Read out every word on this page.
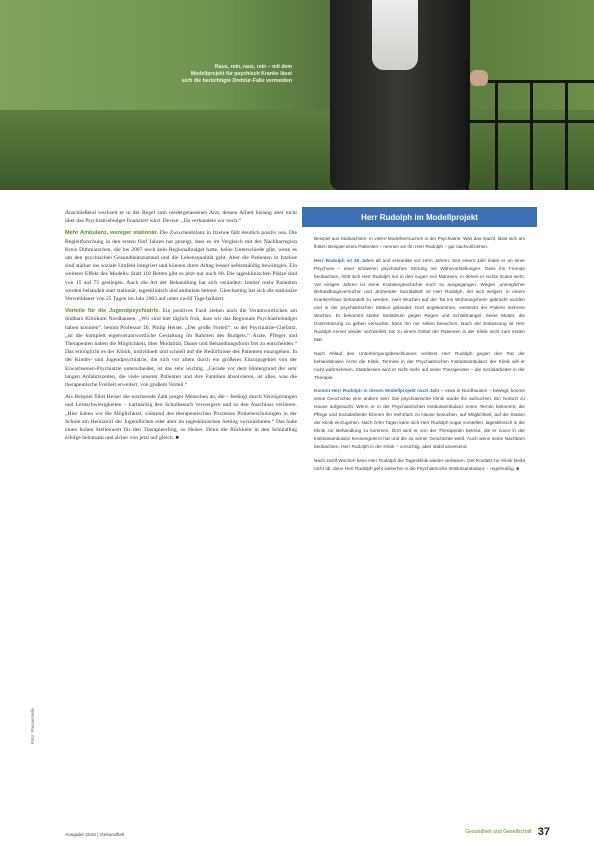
Raus, rein, raus, rein – mit dem Modellprojekt für psychisch Kranke lässt sich die berüchtigte Drehtür-Falle vermeiden

Anschließend wechselt er in der Regel zum niedergelassenen Arzt, dessen Arbeit bislang aber nicht über das Psychiatriebudget finanziert wird. Devise: „Da verhandele wir noch.“

Mehr Ambulanz, weniger stationär. Die Zwischenbilanz in Itzehoe fällt deutlich positiv aus. Die Begleitforschung in den ersten fünf Jahren hat gezeigt, dass es im Vergleich mit der Nachbarregion Kreis Dithmarschen, die bis 2007 noch kein Regionalbudget hatte, keine Unterschiede gibt, wenn es um den psychischen Gesundheitszustand und die Lebensqualität geht. Aber die Patienten in Itzehoe sind stärker ins soziale Umfeld integriert und können ihren Alltag besser selbstständig bewältigen. Ein weiterer Effekt des Modells: Statt 118 Betten gibt es jetzt nur noch 60. Die tagesklinischen Plätze sind von 15 auf 75 gestiegen. Auch die Art der Behandlung hat sich verändert: Immer mehr Patienten werden behandelt statt stationär, tagesklinisch und ambulant betreut. Gleichzeitig hat sich die stationäre Verweildauer von 25 Tagen im Jahr 2003 auf unter zwölf Tage halbiert.

Vorteile für die Jugendpsychiatrie. Ein positives Fazit ziehen auch die Verantwortlichen am Südharz Klinikum Nordhausen. „Wir sind hier täglich froh, dass wir das Regionale Psychiatriebudget haben konnten“, betont Professor Dr. Philip Heiser. „Der große Vorteil“, so der Psychiatrie-Chefarzt, „ist die komplett eigenverantwortliche Gestaltung im Rahmen des Budgets.“ Ärzte, Pfleger und Therapeuten haben die Möglichkeit, über Modalität, Dauer und Behandlungsform frei zu entscheiden.“ Das ermöglicht es der Klinik, individuell und schnell auf die Bedürfnisse des Patienten einzugehen. In der Kinder- und Jugendpsychiatrie, die sich vor allem durch ein größeres Einzugsgebiet von der Erwachsenen-Psychiatrie unterscheidet, ist das sehr wichtig. „Gerade vor dem Hintergrund der sehr langen Anfahrtszeiten, die viele unserer Patienten und ihre Familien absolvieren, ist alles, was die therapeutische Freiheit erweitert, von großem Vorteil.“

Als Beispiel führt Heiser die wachsende Zahl junger Menschen an, die – bedingt durch Verzögerungen und Lernschwierigkeiten – hartnäckig den Schulbesuch verweigern und so den Anschluss verlieren. „Hier haben wir die Möglichkeit, während des therapeutischen Prozesses Probebeschulungen in der Schule am Heimatort der Jugendlichen oder aber im tagesklinischen Setting vorzunehmen.“ Das habe einen hohen Stellenwert für den Therapieerfolg, so Heiser. Denn die Rückkehr in den Schulalltag erfolge behutsam und sicher von jetzt auf gleich. ■

Herr Rudolph im Modellprojekt

Beispiel aus Südsachsen: In vielen Modellversuchen in der Psychiatrie: Was das macht, lässt sich am flotten Beispiel eines Patienten – nennen wir ihn Herr Rudolph – gut nachvollziehen.

Herr Rudolph ist 45 Jahre alt und erkrankte vor zehn Jahren. Seit einem Jahr leidet er an einer Psychose – einer schweren psychischen Störung mit Wahnvorstellungen. Dass ihn Fremde beobachten, fühlt sich Herr Rudolph nur in den Augen von Männern, in denen er nichts Gutes sieht. Vor einigen Jahren ist seine Krankengeschichte noch so ausgegangen: Wegen ‚unmöglicher Behandlungsversuche‘ und ‚drohender Suizidalität‘ ist Herr Rudolph, der sich weigert, in einem Krankenhaus behandelt zu werden, zwei Wochen auf der Tat ins Wohnungsheim gebracht worden und in der psychiatrischen Station gelandet. Dort angekommen, versteckt der Patient mehrere Wochen. Er bekommt starke Sedativum gegen Regen und Schlafmangel. Seine Mutter, die Unterstützung zu geben versuchte, kann ihn nur selten besuchen. Nach der Entlassung ist Herr Rudolph immer wieder verzweifelt; bis zu einem Drittel der Patienten in der Klinik nicht zum ersten Mal.

Nach Ablauf des Unterbringungsbeschlusses verlässt Herr Rudolph gegen den Rat der behandelnden Ärzte die Klinik. Termine in der Psychiatrischen Institutsambulanz der Klinik will er nicht wahrnehmen. Stattdessen wird er nicht mehr auf seine Therapeuten – die Sozialarbeiter in der Therapie.

Kommt Herr Rudolph in dieses Modellprojekt nach Jahr – etwa in Nordhausen – bewegt, könnte seine Geschichte eine andere sein: Die psychiatrische Klinik wurde ihn aufsuchen. Ein Notarzt zu Hause aufgesucht. Wenn er in der Psychiatrischen Institutsambulanz einen Termin bekommt, die Pflege und Sozialarbeiter können ihn mehrfach zu Hause besuchen, auf Möglichkeit, auf die Station der Klinik einzugehen. Nach zehn Tagen kann sich Herr Rudolph sogar vorstellen, tagesklinisch in die Klinik zur Behandlung zu kommen. Dort wird er von der Therapeutin betreut, die er zuvor in der Institutsambulanz kennengelernt hat und die zu seiner Geschichte weiß. Auch wenn seine Nachbarn beobachten, Herr Rudolph in der Klinik – vorsichtig, aber stabil anwesend.

Nach zwölf Wochen kann Herr Rudolph die Tagesklinik wieder verlassen. Der Kontakt zur Klinik bleibt nicht ab, denn Herr Rudolph geht weiterhin in die Psychiatrische Institutsambulanz – regelmäßig. ■

Foto: Pressestelle
Ausgabe 2016 | Gesundheit
Gesundheit und Gesellschaft 37
